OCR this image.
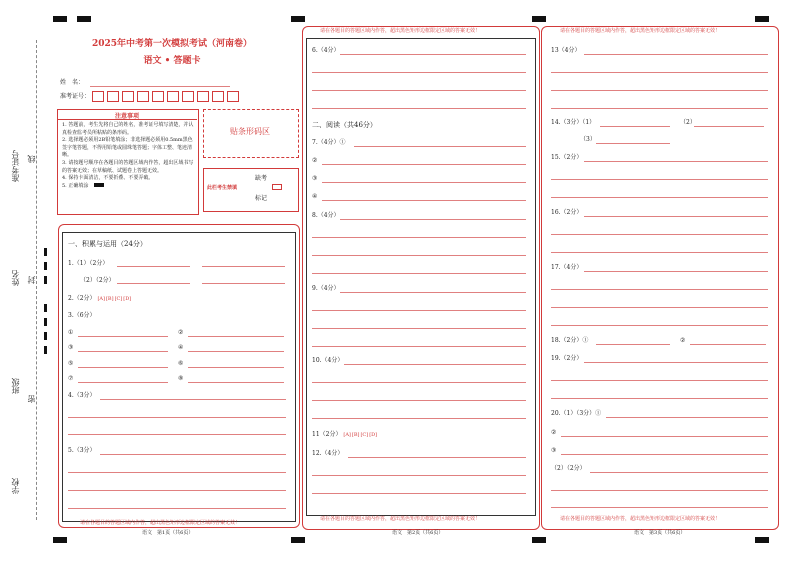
准考证号
姓名
班级
学校
线
封
密
2025年中考第一次模拟考试（河南卷）
语文 • 答题卡
姓　名：
准考证号：
注意事项

1. 答题前，考生先将自己的姓名，准考证号填写清楚，并认真检查监考员所粘贴的条形码。

2. 选择题必须用2B铅笔填涂；非选择题必须用0.5mm黑色签字笔答题，不得用铅笔或圆珠笔答题；字体工整、笔迹清晰。

3. 请按题号顺序在各题目的答题区域内作答，超出区域书写的答案无效；在草稿纸、试题卷上答题无效。

4. 保持卡面清洁，不要折叠、不要弄破。

5. 正确填涂

贴条形码区
此栏考生禁填
缺考
标记
请在各题目的答题区域内作答，超出黑色矩形边框限定区域的答案无效！
一、积累与运用（24分）
1.（1）（2分）
（2）（2分）
2.（2分） [A][B][C][D]
3.（6分）
①	②
③	④
⑤	⑥
⑦	⑧
4.（3分）
5.（3分）
语文　第1页（共6页）
请在各题目的答题区域内作答，超出黑色矩形边框限定区域的答案无效！
请在各题目的答题区域内作答，超出黑色矩形边框限定区域的答案无效！
6.（4分）
二、阅读（共46分）
7.（4分）①
②
③
④
8.（4分）
9.（4分）
10.（4分）
11（2分） [A][B][C][D]
12.（4分）
语文　第2页（共6页）
请在各题目的答题区域内作答，超出黑色矩形边框限定区域的答案无效！
请在各题目的答题区域内作答，超出黑色矩形边框限定区域的答案无效！
13（4分）
14.（3分）（1）	（2）
（3）
15.（2分）
16.（2分）
17.（4分）
18.（2分）①	②
19.（2分）
20.（1）（3分）①
②
③
（2）（2分）
语文　第3页（共6页）
